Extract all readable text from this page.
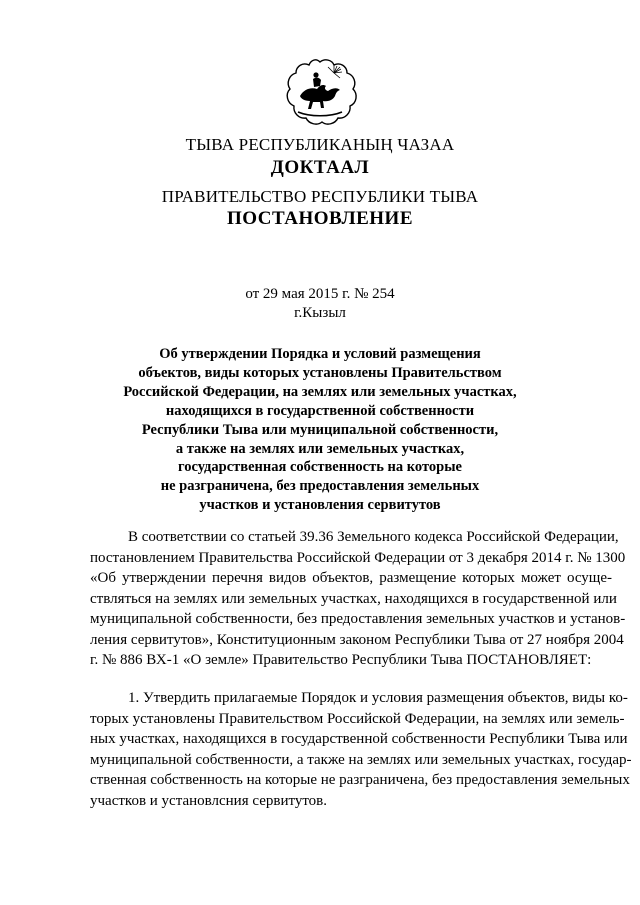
ТЫВА РЕСПУБЛИКАНЫҢ ЧАЗАА
ДОКТААЛ
ПРАВИТЕЛЬСТВО РЕСПУБЛИКИ ТЫВА
ПОСТАНОВЛЕНИЕ
от 29 мая 2015 г. № 254
г.Кызыл
Об утверждении Порядка и условий размещения
объектов, виды которых установлены Правительством
Российской Федерации, на землях или земельных участках,
находящихся в государственной собственности
Республики Тыва или муниципальной собственности,
а также на землях или земельных участках,
государственная собственность на которые
не разграничена, без предоставления земельных
участков и установления сервитутов
В соответствии со статьей 39.36 Земельного кодекса Российской Федерации,
постановлением Правительства Российской Федерации от 3 декабря 2014 г. № 1300
«Об утверждении перечня видов объектов, размещение которых может осуще-
ствляться на землях или земельных участках, находящихся в государственной или
муниципальной собственности, без предоставления земельных участков и установ-
ления сервитутов», Конституционным законом Республики Тыва от 27 ноября 2004
г. № 886 ВХ-1 «О земле» Правительство Республики Тыва ПОСТАНОВЛЯЕТ:
1. Утвердить прилагаемые Порядок и условия размещения объектов, виды ко-
торых установлены Правительством Российской Федерации, на землях или земель-
ных участках, находящихся в государственной собственности Республики Тыва или
муниципальной собственности, а также на землях или земельных участках, государ-
ственная собственность на которые не разграничена, без предоставления земельных
участков и установлсния сервитутов.
